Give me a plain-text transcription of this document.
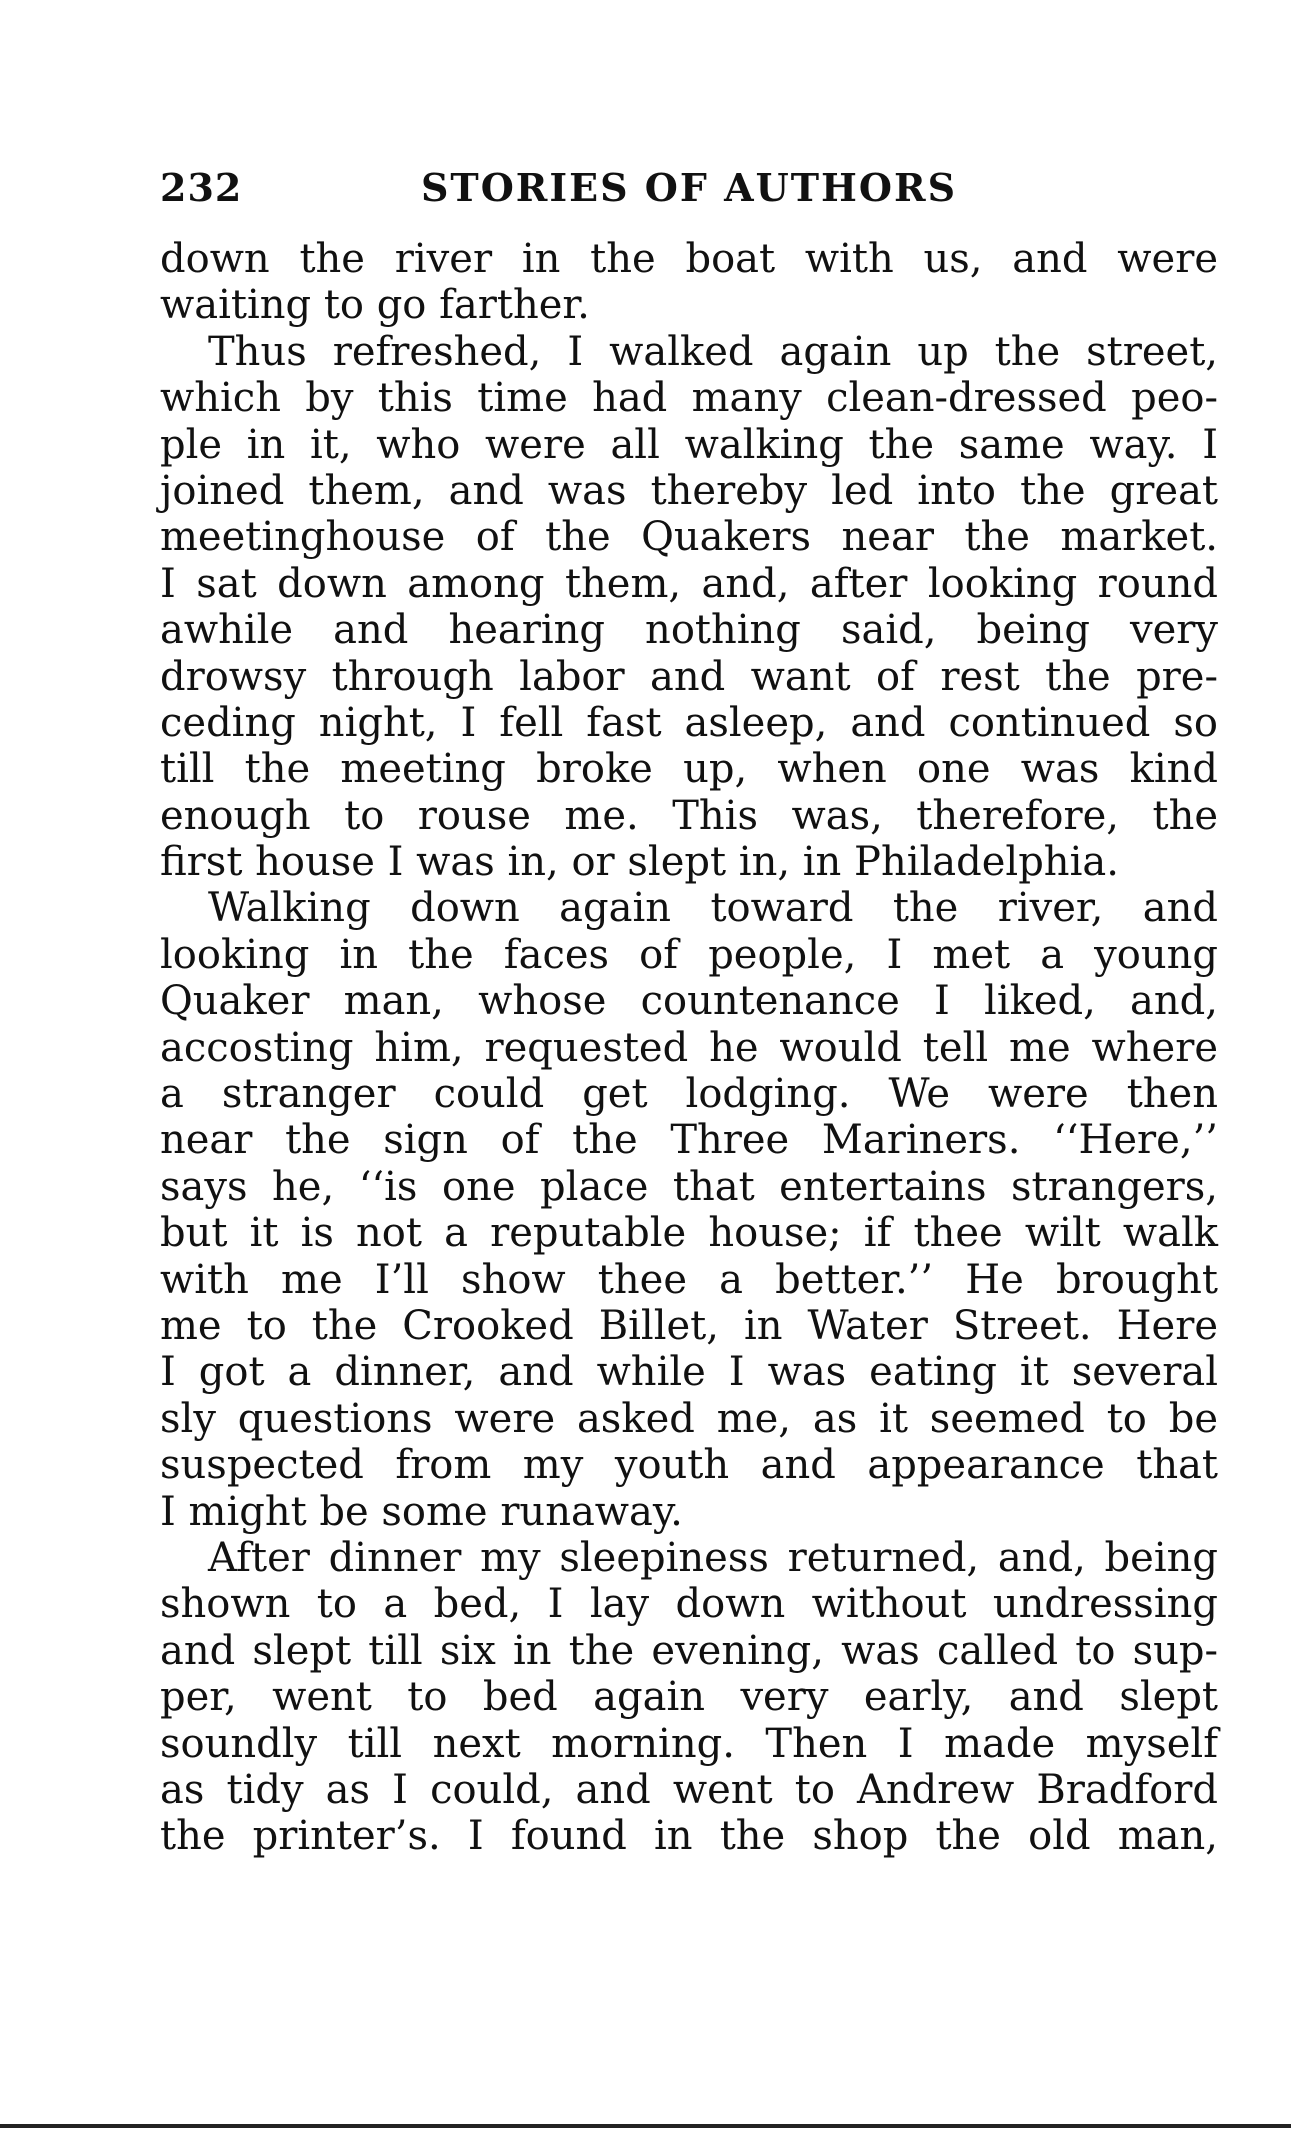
232	STORIES OF AUTHORS
down the river in the boat with us, and were
waiting to go farther.
Thus refreshed, I walked again up the street,
which by this time had many clean-dressed peo-
ple in it, who were all walking the same way. I
joined them, and was thereby led into the great
meetinghouse of the Quakers near the market.
I sat down among them, and, after looking round
awhile and hearing nothing said, being very
drowsy through labor and want of rest the pre-
ceding night, I fell fast asleep, and continued so
till the meeting broke up, when one was kind
enough to rouse me. This was, therefore, the
first house I was in, or slept in, in Philadelphia.
Walking down again toward the river, and
looking in the faces of people, I met a young
Quaker man, whose countenance I liked, and,
accosting him, requested he would tell me where
a stranger could get lodging. We were then
near the sign of the Three Mariners. ‘‘Here,’’
says he, ‘‘is one place that entertains strangers,
but it is not a reputable house; if thee wilt walk
with me I’ll show thee a better.’’ He brought
me to the Crooked Billet, in Water Street. Here
I got a dinner, and while I was eating it several
sly questions were asked me, as it seemed to be
suspected from my youth and appearance that
I might be some runaway.
After dinner my sleepiness returned, and, being
shown to a bed, I lay down without undressing
and slept till six in the evening, was called to sup-
per, went to bed again very early, and slept
soundly till next morning. Then I made myself
as tidy as I could, and went to Andrew Bradford
the printer’s. I found in the shop the old man,
